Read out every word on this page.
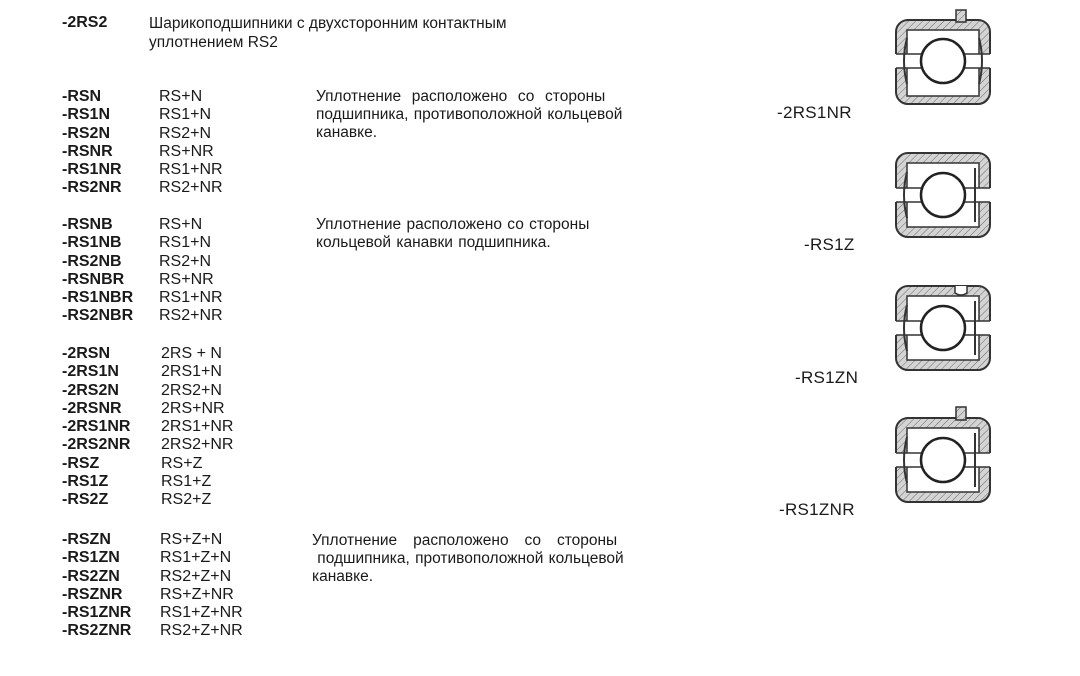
-2RS2	Шарикоподшипники с двухсторонним контактным
уплотнением RS2
-RSN
-RS1N
-RS2N
-RSNR
-RS1NR
-RS2NR
RS+N
RS1+N
RS2+N
RS+NR
RS1+NR
RS2+NR
Уплотнение  расположено  со  стороны
подшипника, противоположной кольцевой
канавке.
-RSNB
-RS1NB
-RS2NB
-RSNBR
-RS1NBR
-RS2NBR
RS+N
RS1+N
RS2+N
RS+NR
RS1+NR
RS2+NR
Уплотнение расположено со стороны
кольцевой канавки подшипника.
-2RSN
-2RS1N
-2RS2N
-2RSNR
-2RS1NR
-2RS2NR
-RSZ
-RS1Z
-RS2Z
2RS + N
2RS1+N
2RS2+N
2RS+NR
2RS1+NR
2RS2+NR
RS+Z
RS1+Z
RS2+Z
-RSZN
-RS1ZN
-RS2ZN
-RSZNR
-RS1ZNR
-RS2ZNR
RS+Z+N
RS1+Z+N
RS2+Z+N
RS+Z+NR
RS1+Z+NR
RS2+Z+NR
Уплотнение   расположено   со   стороны
подшипника, противоположной кольцевой
канавке.
-2RS1NR
-RS1Z
-RS1ZN
-RS1ZNR
